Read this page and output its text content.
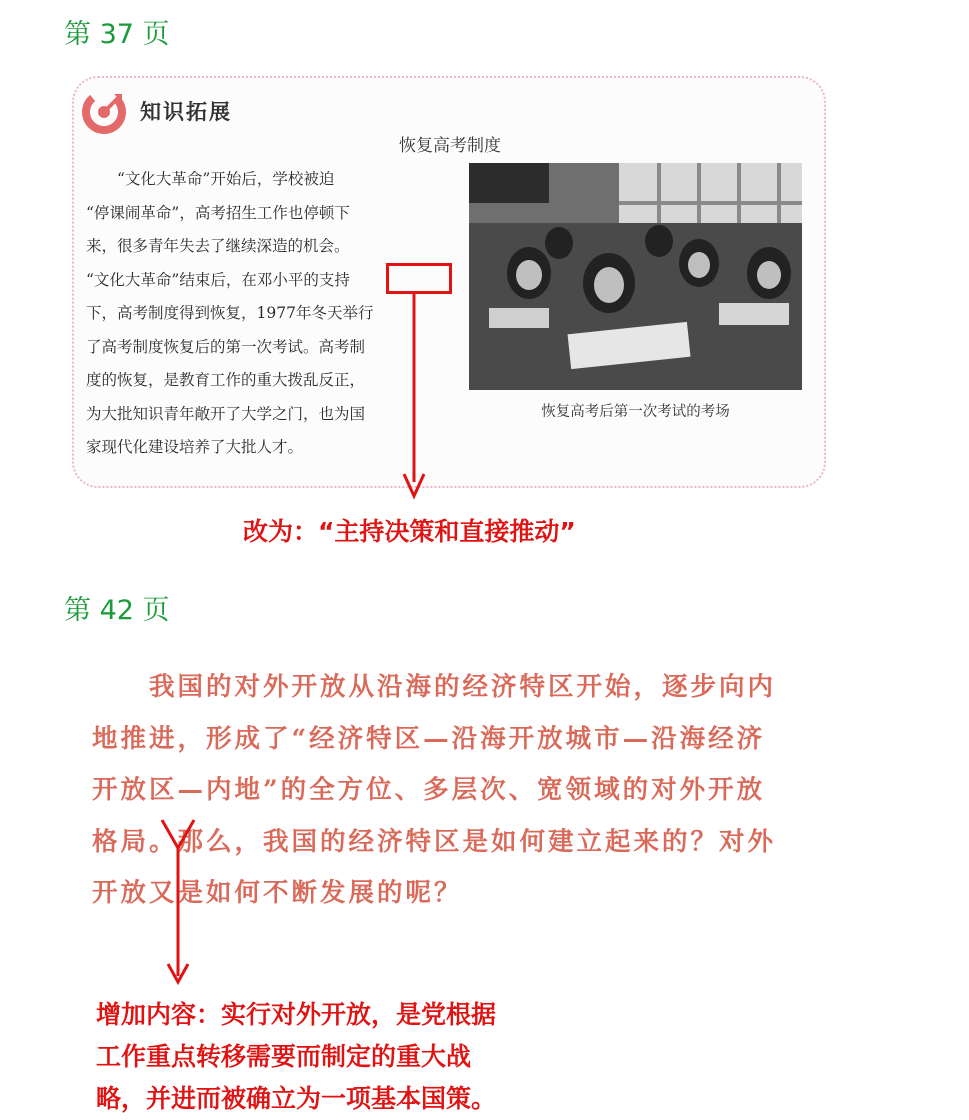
第 37 页
知识拓展
恢复高考制度
　　“文化大革命”开始后，学校被迫
“停课闹革命”，高考招生工作也停顿下
来，很多青年失去了继续深造的机会。
“文化大革命”结束后，在邓小平的支持
下，高考制度得到恢复，1977年冬天举行
了高考制度恢复后的第一次考试。高考制
度的恢复，是教育工作的重大拨乱反正，
为大批知识青年敞开了大学之门，也为国
家现代化建设培养了大批人才。
恢复高考后第一次考试的考场
改为：“主持决策和直接推动”
第 42 页
　　我国的对外开放从沿海的经济特区开始，逐步向内
地推进，形成了“经济特区—沿海开放城市—沿海经济
开放区—内地”的全方位、多层次、宽领域的对外开放
格局。那么，我国的经济特区是如何建立起来的？对外
开放又是如何不断发展的呢？
增加内容：实行对外开放，是党根据
工作重点转移需要而制定的重大战
略，并进而被确立为一项基本国策。
